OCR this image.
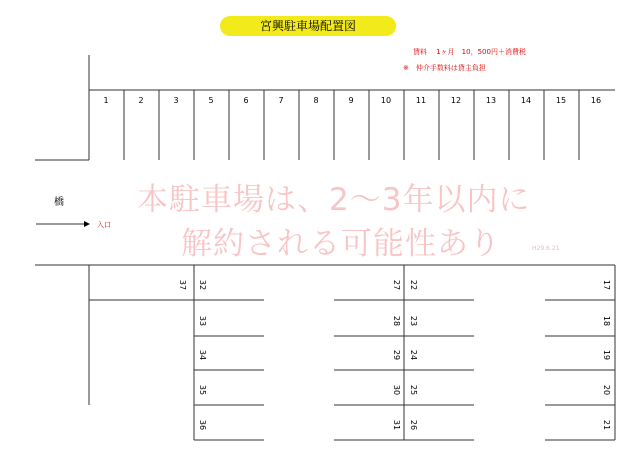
宮興駐車場配置図
賃料　 1ヶ月　10，500円＋消費税
※　仲介手数料は貸主負担
橋
入口
1	2	3	5	6	7	8	9	10	11	12	13	14	15	16
37	32
33
34
35
36
27
28
29
30
31
22
23
24
25
26
17
18
19
20
21
本駐車場は、2～3年以内に
解約される可能性あり	H29.6.21
